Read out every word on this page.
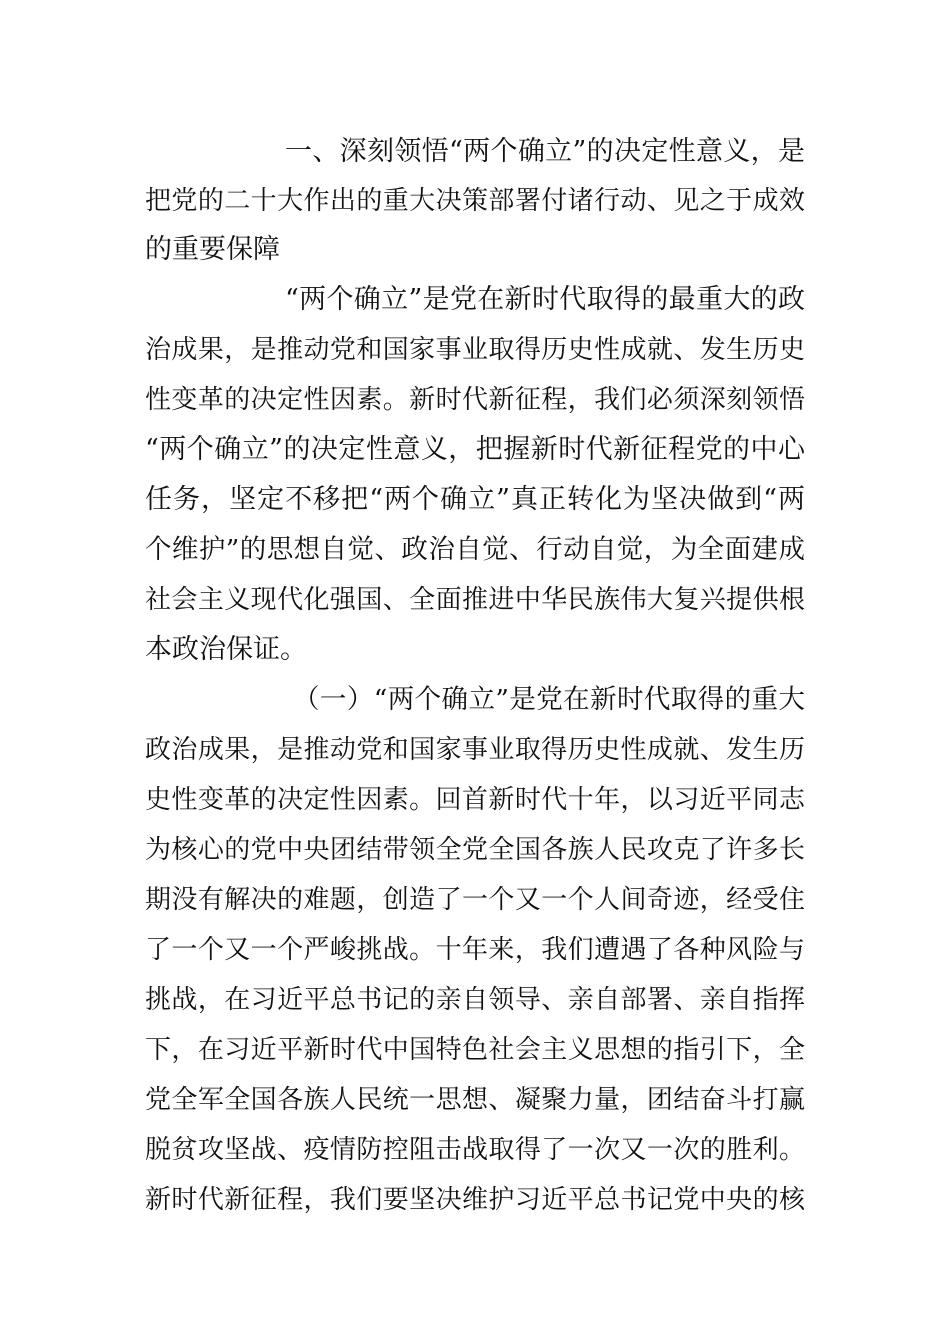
一、深刻领悟“两个确立”的决定性意义，是
把党的二十大作出的重大决策部署付诸行动、见之于成效
的重要保障
“两个确立”是党在新时代取得的最重大的政
治成果，是推动党和国家事业取得历史性成就、发生历史
性变革的决定性因素。新时代新征程，我们必须深刻领悟
“两个确立”的决定性意义，把握新时代新征程党的中心
任务，坚定不移把“两个确立”真正转化为坚决做到“两
个维护”的思想自觉、政治自觉、行动自觉，为全面建成
社会主义现代化强国、全面推进中华民族伟大复兴提供根
本政治保证。
（一）“两个确立”是党在新时代取得的重大
政治成果，是推动党和国家事业取得历史性成就、发生历
史性变革的决定性因素。回首新时代十年，以习近平同志
为核心的党中央团结带领全党全国各族人民攻克了许多长
期没有解决的难题，创造了一个又一个人间奇迹，经受住
了一个又一个严峻挑战。十年来，我们遭遇了各种风险与
挑战，在习近平总书记的亲自领导、亲自部署、亲自指挥
下，在习近平新时代中国特色社会主义思想的指引下，全
党全军全国各族人民统一思想、凝聚力量，团结奋斗打赢
脱贫攻坚战、疫情防控阻击战取得了一次又一次的胜利。
新时代新征程，我们要坚决维护习近平总书记党中央的核
